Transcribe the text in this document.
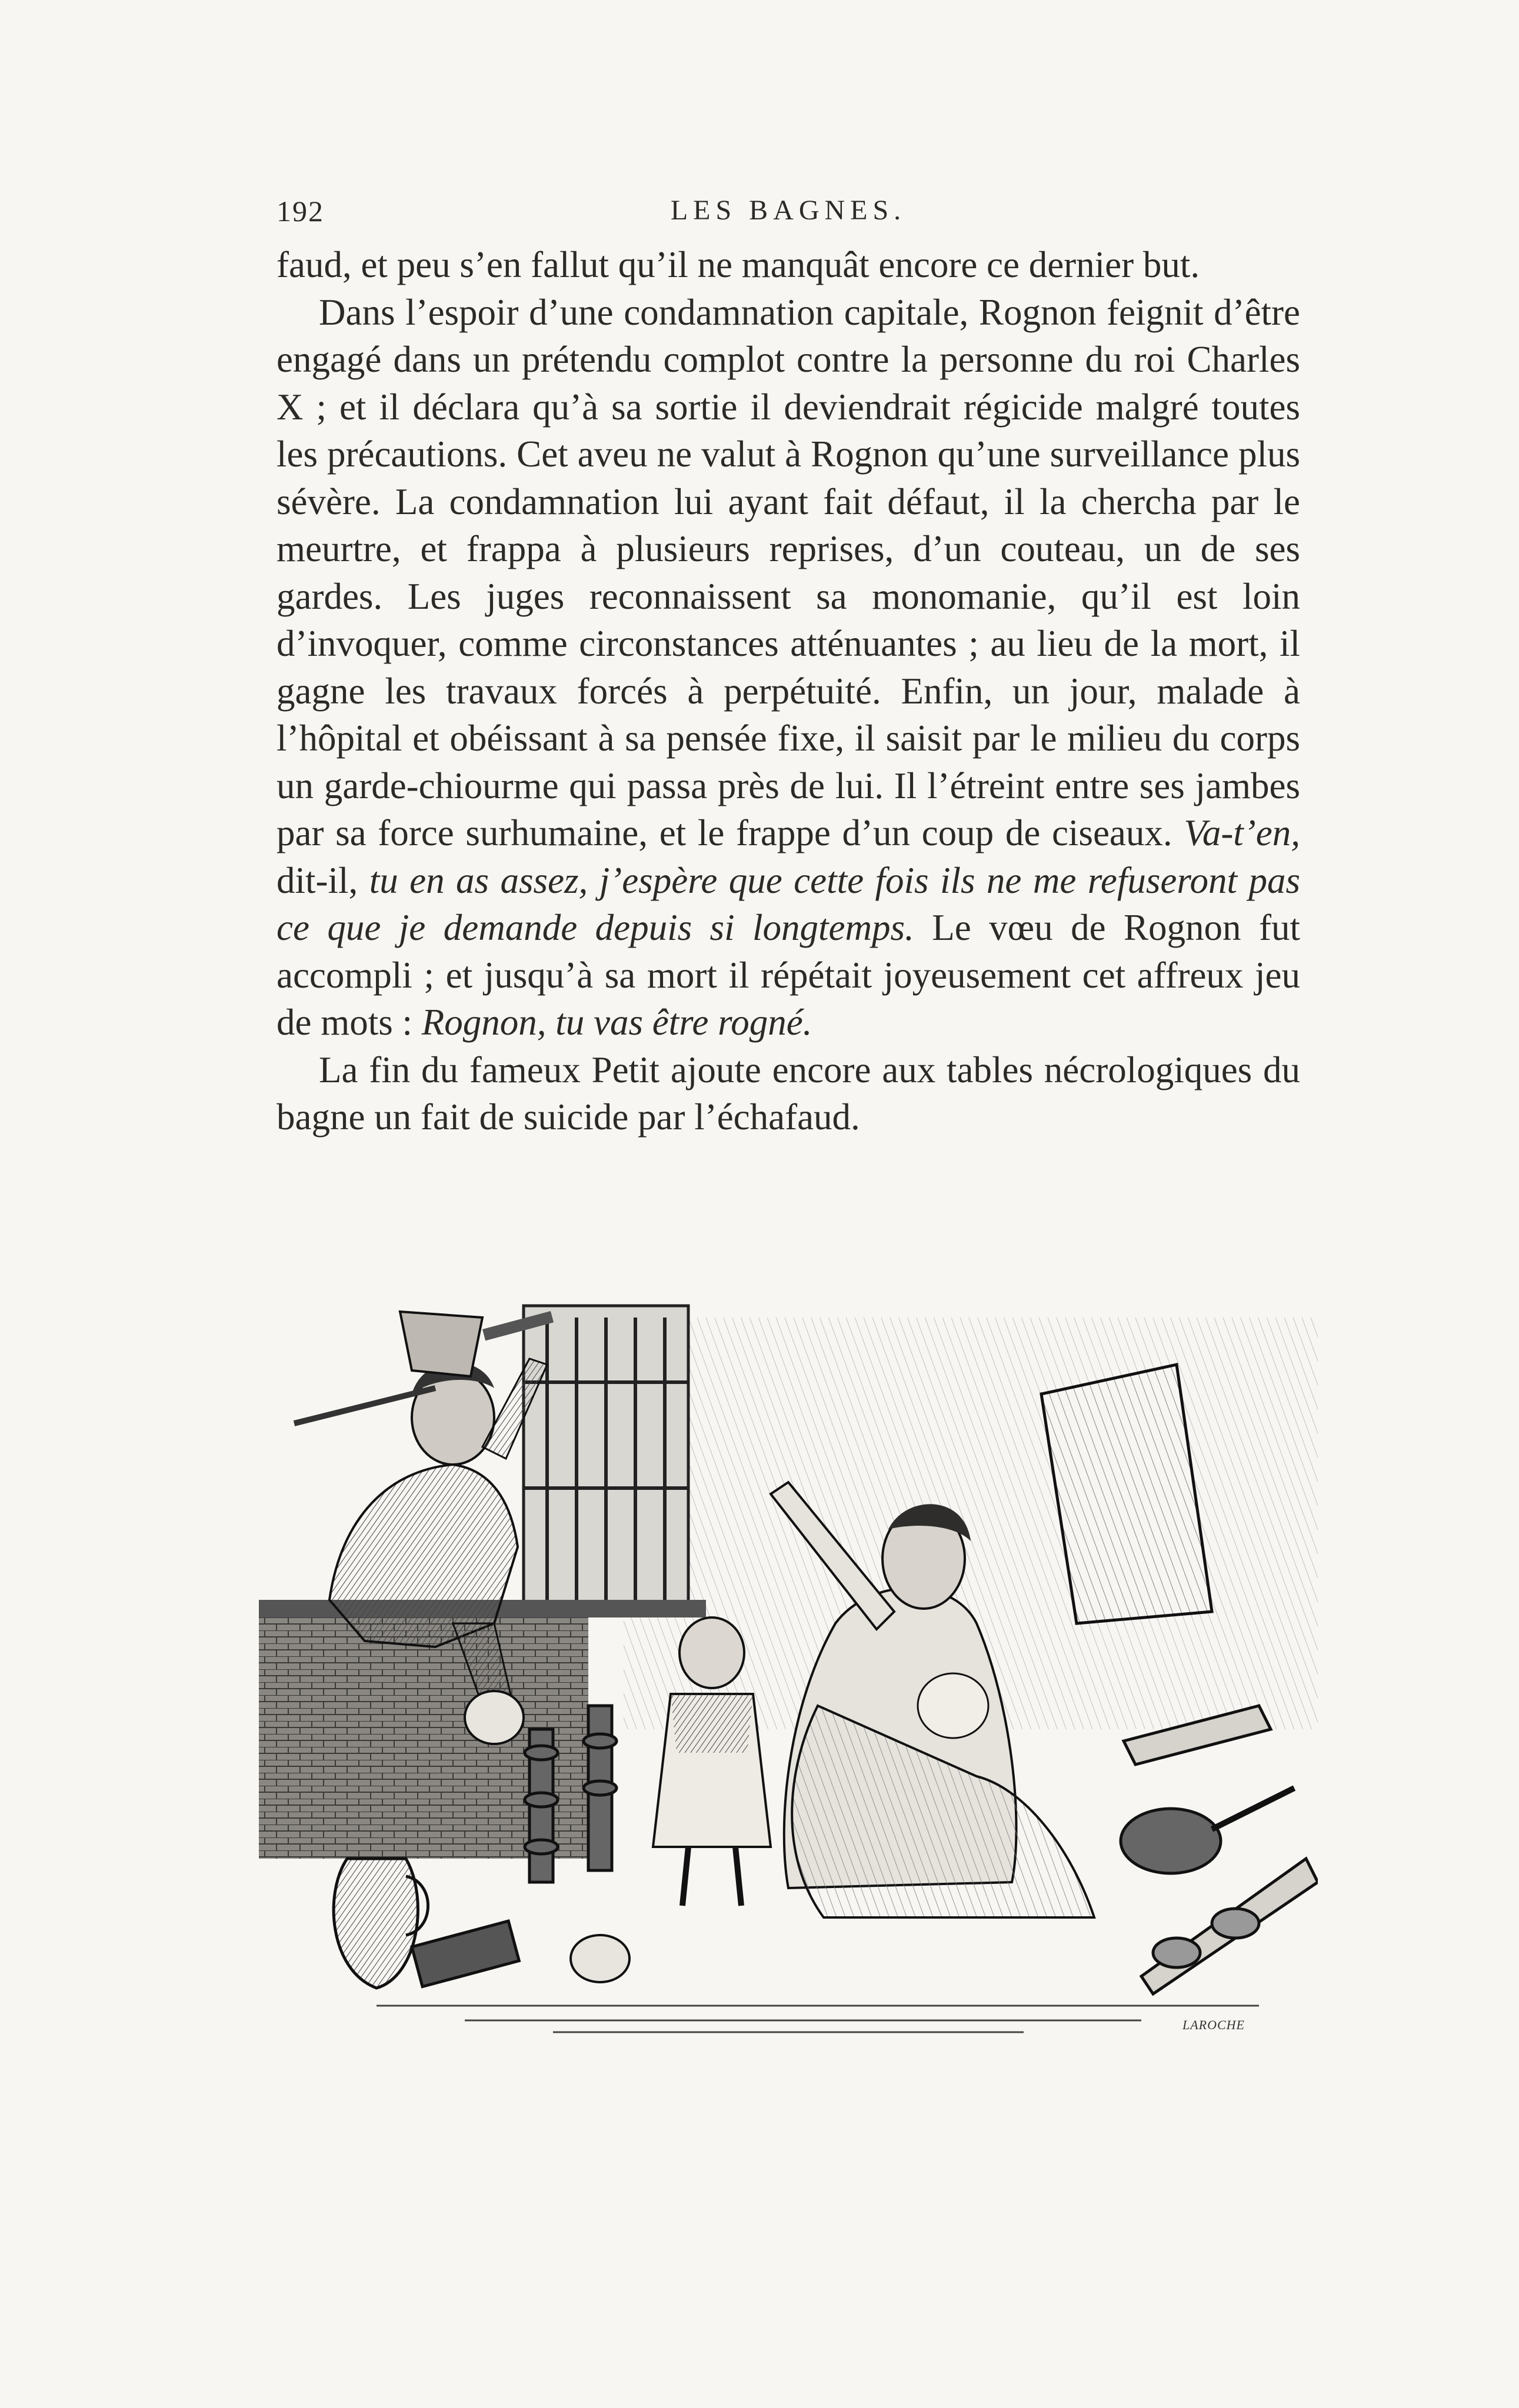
192	LES BAGNES.

faud, et peu s’en fallut qu’il ne manquât encore ce dernier but.

Dans l’espoir d’une condamnation capitale, Rognon feignit d’être engagé dans un prétendu complot contre la personne du roi Charles X ; et il déclara qu’à sa sortie il deviendrait régicide malgré toutes les précautions. Cet aveu ne valut à Rognon qu’une surveillance plus sévère. La condamnation lui ayant fait défaut, il la chercha par le meurtre, et frappa à plusieurs reprises, d’un couteau, un de ses gardes. Les juges reconnaissent sa monomanie, qu’il est loin d’invoquer, comme circonstances atténuantes ; au lieu de la mort, il gagne les travaux forcés à perpétuité. Enfin, un jour, malade à l’hôpital et obéissant à sa pensée fixe, il saisit par le milieu du corps un garde-chiourme qui passa près de lui. Il l’étreint entre ses jambes par sa force surhumaine, et le frappe d’un coup de ciseaux. Va-t’en, dit-il, tu en as assez, j’espère que cette fois ils ne me refuseront pas ce que je demande depuis si longtemps. Le vœu de Rognon fut accompli ; et jusqu’à sa mort il répétait joyeusement cet affreux jeu de mots : Rognon, tu vas être rogné.

La fin du fameux Petit ajoute encore aux tables nécrologiques du bagne un fait de suicide par l’échafaud.

LAROCHE
